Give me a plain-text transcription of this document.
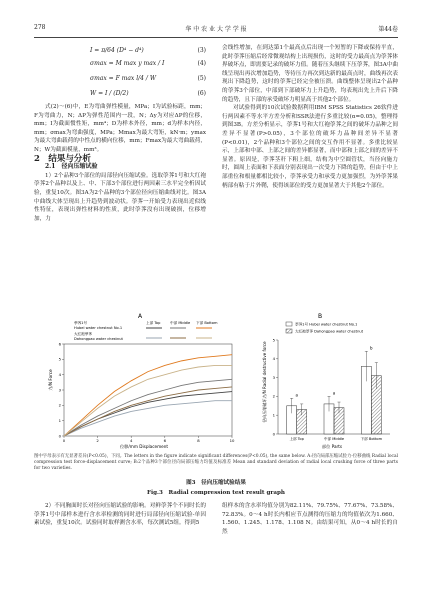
278	华 中 农 业 大 学 学 报	第44卷
I = π/64 (D⁴ − d⁴)	(3)
σmax = M max y max / I	(4)
σmax = F max l/4 / W	(5)
W = I / (D/2)	(6)

式(2)～(6)中，E为弯曲弹性模量，MPa；I为试验标距，mm；F为弯曲力，N；ΔP为弹性范围内一段，N；Δy为对应ΔP的位移，mm；I为截面惯性矩，mm⁴；D为样本外径，mm；d为样本内径，mm；σmax为弯曲强度，MPa；Mmax为最大弯矩，kN·m；ymax为最大弯曲载荷的中性点的横向位移，mm；Fmax为最大弯曲载荷，N；W为截面模量，mm³。

2　结果与分析

2.1　径向压缩试验

1）2个品种3个部位的局部径向压缩试验。选取荸荠1号和大红袍荸荠2个品种以及上、中、下部3个部位进行两因素三水平完全析因试验，重复10次。图3A为2个品种的3个部位径向压缩曲线对比。图3A中曲线大体呈现出上升趋势到波动状。荸荠一开始受力表现出近似线性特征，表现出弹性材料的性质，此时荸荠没有出现破损，位移增加，力

会线性增加，在到达第1个最高点后出现一个短暂的下降或保持平直，此时荸荠压缩后经常微观结构上出现损伤，这时的受力最高点为荸荠体界破坏点，即需要记录的破坏力值。随着压头继续下压荸荠，图3A中曲线呈现出再次增加趋势，等待压力再次到达新的最高点时，曲线再次表现出下降趋势，这时的荸荠已经完全被压溃。曲线整体呈现出2个品种的荸荠3个部位，中部到下部破坏力上升趋势，均表现出先上升后下降的趋势，且下部的承受破坏力明显高于其他2个部位。

对试验得到的10次试验数据利用IBM SPSS Statistics 26软件进行两因素不等水平方差分析和SSR法进行多重比较(α=0.05)，整理得到图3B。方差分析显示，荸荠1号和大红袍荸荠之间的破坏力品种之间差异不显著(P>0.05)，3个部位的破坏力品种间差异不显著(P<0.01)，2个品种和3个部位之间的交互作用不显著。多重比较显示，上部和中部、上部之间的差异都显著，而中部和上部之间的差异不显著。原因是，荸荠茎秆下粗上细，结构为中空圆管状，当径向施力时，圆周上表面和下表面分别表现出一次受力下降的趋势，但由于中上部重位和根量都相比较小，荸荠承受力和承受力更加强烈，为外荸荠果柄部有粘于片外鞘，使得该部位的受力更加显著大于其他2个部位。

A
0	2	4	6	8	10
0
1
2
3
4
5
6
力/N Force
位移/mm Displacement
荸荠1号
Hubei water chestnut No.1
大红袍荸荠
Dahongpao water chestnut
上部 Top	中部 Middle 下部 Bottom
B
0
1
2
3
4
5
a
上部 Top
a
中部 Middle
b
下部 Bottom
径向压缩破坏力/N Radial destructive force
部位 Parts
荸荠1号 Hubei water chestnut No.1
大红袍荸荠 Dahongpao water chestnut
图中字母表示有无显著差异(P<0.05)，下同。The letters in the figure indicate significant differences(P<0.05), the same below. A:径向局部压缩试验力-位移曲线 Radial local compression test force-displacement curve; B:2个品种3个部位径向局部压缩力均值及标准差 Mean and standard deviation of radial local crushing force of three parts for two varieties.
图3　径向压缩试验结果
Fig.3　Radial compression test result graph

2）不同胸面时长对径向压缩试验的影响。对鲜荸荠个不同时长的荸荠1号中部样本进行含水率检测的同时进行局部径向压缩试验-单因素试验，重复10次。试验同时取样测含水率，每次测试5组。得到5

组样本的含水率均值分别为82.11%、79.75%、77.67%、73.58%、72.83%。0～4 h时长内相应节点测得的压缩力的均值依次为1.660、1.560、1.245、1.178、1.108 N。由结果可知，从0～4 h时长的自然
